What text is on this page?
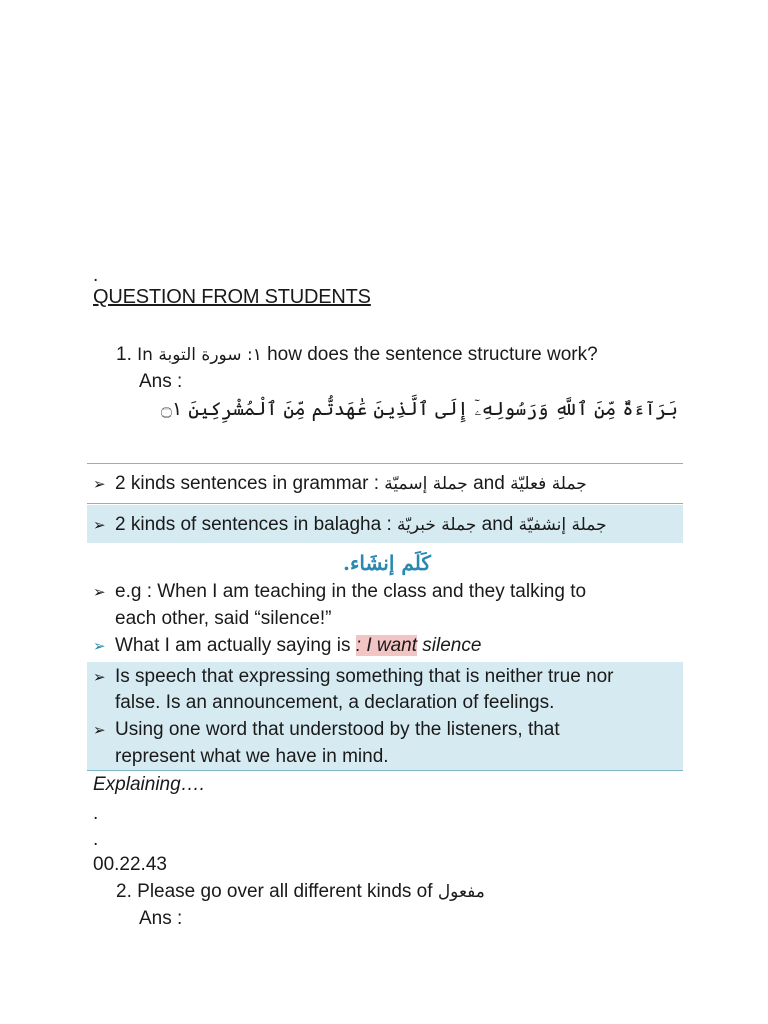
.
QUESTION FROM STUDENTS
1. In ١: سورة التوبة how does the sentence structure work?
Ans :
بَرَآءَةٌ مِّنَ ٱللَّهِ وَرَسُولِهِۦٓ إِلَى ٱلَّذِينَ عَٰهَدتُّم مِّنَ ٱلْمُشْرِكِينَ ۝١
➢ 2 kinds sentences in grammar : جملة إسميّة and جملة فعليّة
➢ 2 kinds of sentences in balagha : جملة خبريّة and جملة إنشفيّة
كَلَم إنشَاء.
➢ e.g : When I am teaching in the class and they talking to
each other, said “silence!”
➢ What I am actually saying is : I want silence
➢ Is speech that expressing something that is neither true nor
false. Is an announcement, a declaration of feelings.
➢ Using one word that understood by the listeners, that
represent what we have in mind.
Explaining….
.
.
00.22.43
2. Please go over all different kinds of مفعول
Ans :
